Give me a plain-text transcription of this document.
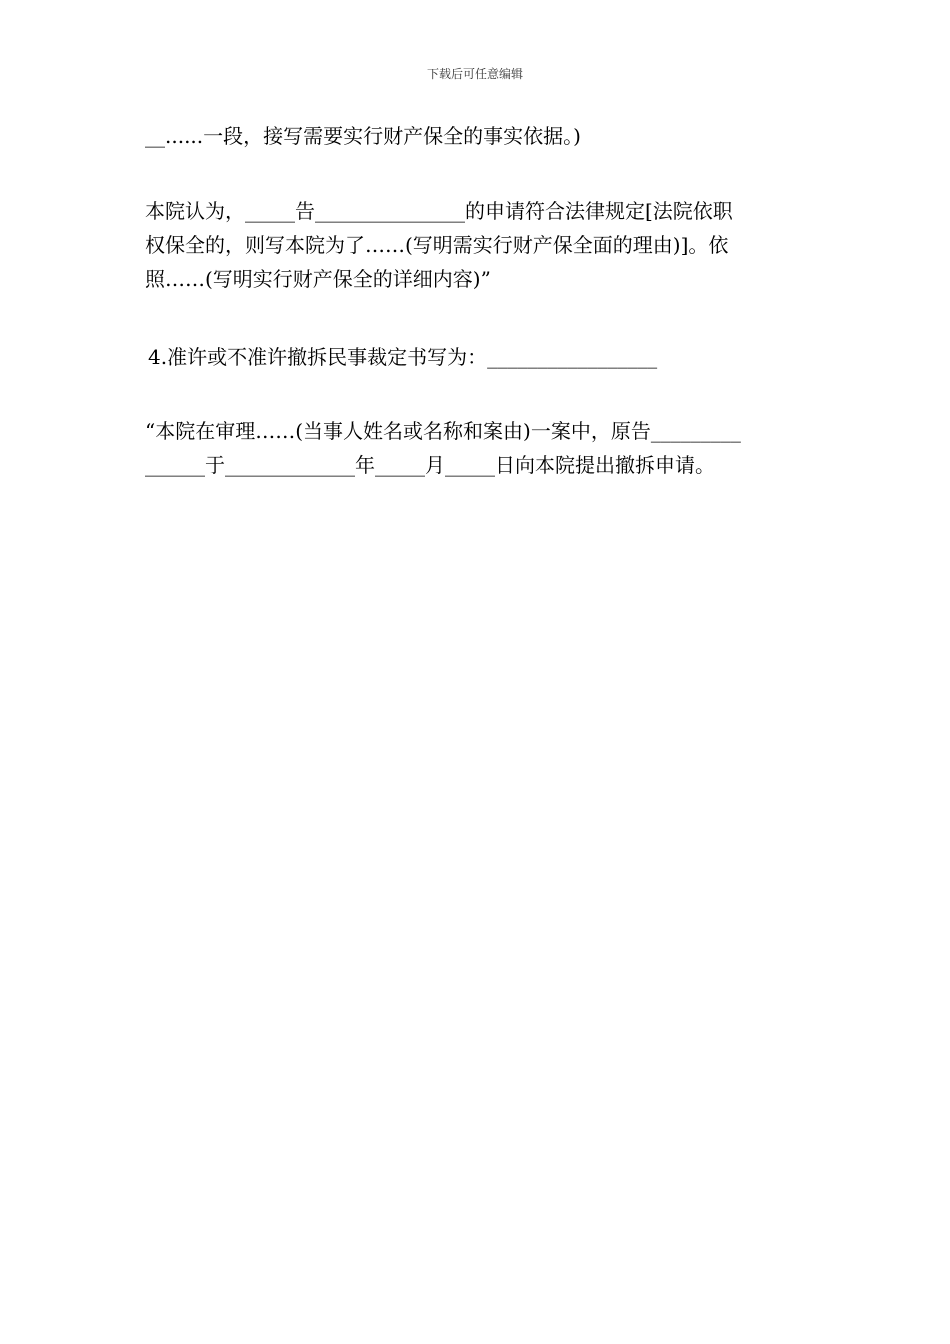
下载后可任意编辑
__......一段，接写需要实行财产保全的事实依据。)
本院认为，_____告_______________的申请符合法律规定[法院依职
权保全的，则写本院为了……(写明需实行财产保全面的理由)]。依
照……(写明实行财产保全的详细内容)”
4.准许或不准许撤拆民事裁定书写为：_________________
“本院在审理……(当事人姓名或名称和案由)一案中，原告_________
______于_____________年_____月_____日向本院提出撤拆申请。
